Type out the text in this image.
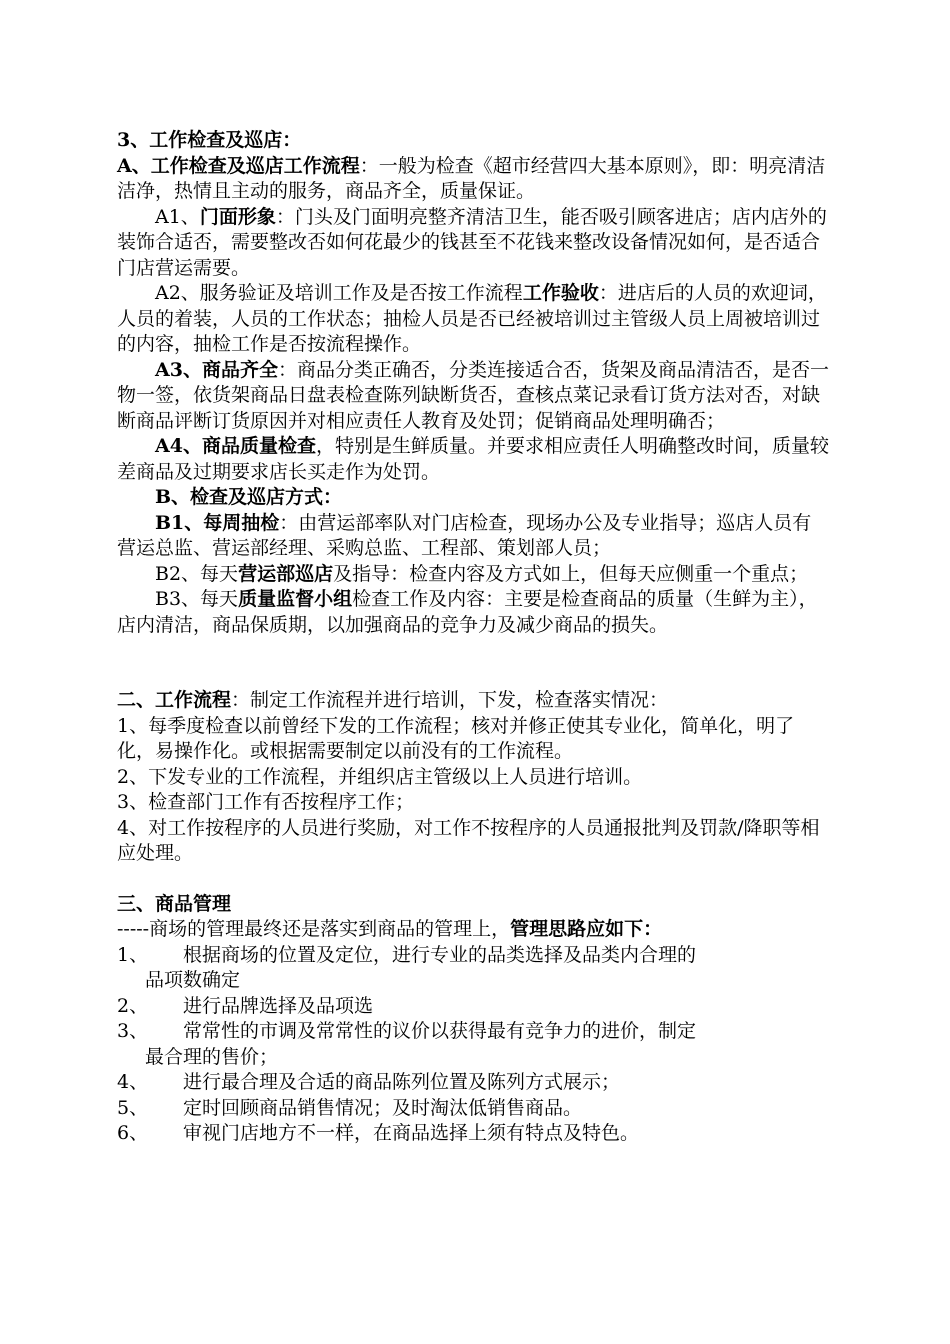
3、工作检查及巡店：

A、工作检查及巡店工作流程：一般为检查《超市经营四大基本原则》，即：明亮清洁洁净，热情且主动的服务，商品齐全，质量保证。

A1、门面形象：门头及门面明亮整齐清洁卫生，能否吸引顾客进店；店内店外的装饰合适否，需要整改否如何花最少的钱甚至不花钱来整改设备情况如何，是否适合门店营运需要。

A2、服务验证及培训工作及是否按工作流程工作验收：进店后的人员的欢迎词，人员的着装，人员的工作状态；抽检人员是否已经被培训过主管级人员上周被培训过的内容，抽检工作是否按流程操作。

A3、商品齐全：商品分类正确否，分类连接适合否，货架及商品清洁否，是否一物一签，依货架商品日盘表检查陈列缺断货否，查核点菜记录看订货方法对否，对缺断商品评断订货原因并对相应责任人教育及处罚；促销商品处理明确否；

A4、商品质量检查，特别是生鲜质量。并要求相应责任人明确整改时间，质量较差商品及过期要求店长买走作为处罚。

B、检查及巡店方式：

B1、每周抽检：由营运部率队对门店检查，现场办公及专业指导；巡店人员有营运总监、营运部经理、采购总监、工程部、策划部人员；

B2、每天营运部巡店及指导：检查内容及方式如上，但每天应侧重一个重点；

B3、每天质量监督小组检查工作及内容：主要是检查商品的质量（生鲜为主），店内清洁，商品保质期，以加强商品的竞争力及减少商品的损失。

二、工作流程：制定工作流程并进行培训，下发，检查落实情况：

1、每季度检查以前曾经下发的工作流程；核对并修正使其专业化，简单化，明了化，易操作化。或根据需要制定以前没有的工作流程。

2、下发专业的工作流程，并组织店主管级以上人员进行培训。

3、检查部门工作有否按程序工作；

4、对工作按程序的人员进行奖励，对工作不按程序的人员通报批判及罚款/降职等相应处理。

三、商品管理

-----商场的管理最终还是落实到商品的管理上，管理思路应如下：

1、	根据商场的位置及定位，进行专业的品类选择及品类内合理的
品项数确定
2、	进行品牌选择及品项选
3、	常常性的市调及常常性的议价以获得最有竞争力的进价，制定
最合理的售价；
4、	进行最合理及合适的商品陈列位置及陈列方式展示；
5、	定时回顾商品销售情况；及时淘汰低销售商品。
6、	审视门店地方不一样，在商品选择上须有特点及特色。
